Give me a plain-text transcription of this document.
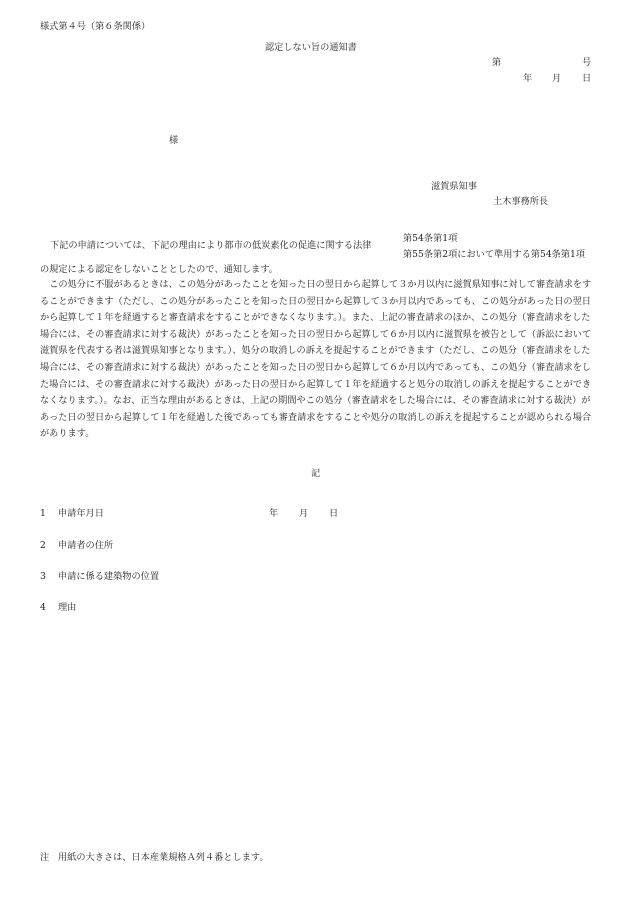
様式第４号（第６条関係）
認定しない旨の通知書
第	号
年 月 日
様
滋賀県知事
土木事務所長
下記の申請については、下記の理由により都市の低炭素化の促進に関する法律
第54条第1項
第55条第2項において準用する第54条第1項
の規定による認定をしないこととしたので、通知します。
この処分に不服があるときは、この処分があったことを知った日の翌日から起算して３か月以内に滋賀県知事に対して審査請求をすることができます（ただし、この処分があったことを知った日の翌日から起算して３か月以内であっても、この処分があった日の翌日から起算して１年を経過すると審査請求をすることができなくなります。）。また、上記の審査請求のほか、この処分（審査請求をした場合には、その審査請求に対する裁決）があったことを知った日の翌日から起算して６か月以内に滋賀県を被告として（訴訟において滋賀県を代表する者は滋賀県知事となります。）、処分の取消しの訴えを提起することができます（ただし、この処分（審査請求をした場合には、その審査請求に対する裁決）があったことを知った日の翌日から起算して６か月以内であっても、この処分（審査請求をした場合には、その審査請求に対する裁決）があった日の翌日から起算して１年を経過すると処分の取消しの訴えを提起することができなくなります。）。なお、正当な理由があるときは、上記の期間やこの処分（審査請求をした場合には、その審査請求に対する裁決）があった日の翌日から起算して１年を経過した後であっても審査請求をすることや処分の取消しの訴えを提起することが認められる場合があります。
記
1 申請年月日	年 月 日
2 申請者の住所
3 申請に係る建築物の位置
4 理由
注 用紙の大きさは、日本産業規格Ａ列４番とします。
